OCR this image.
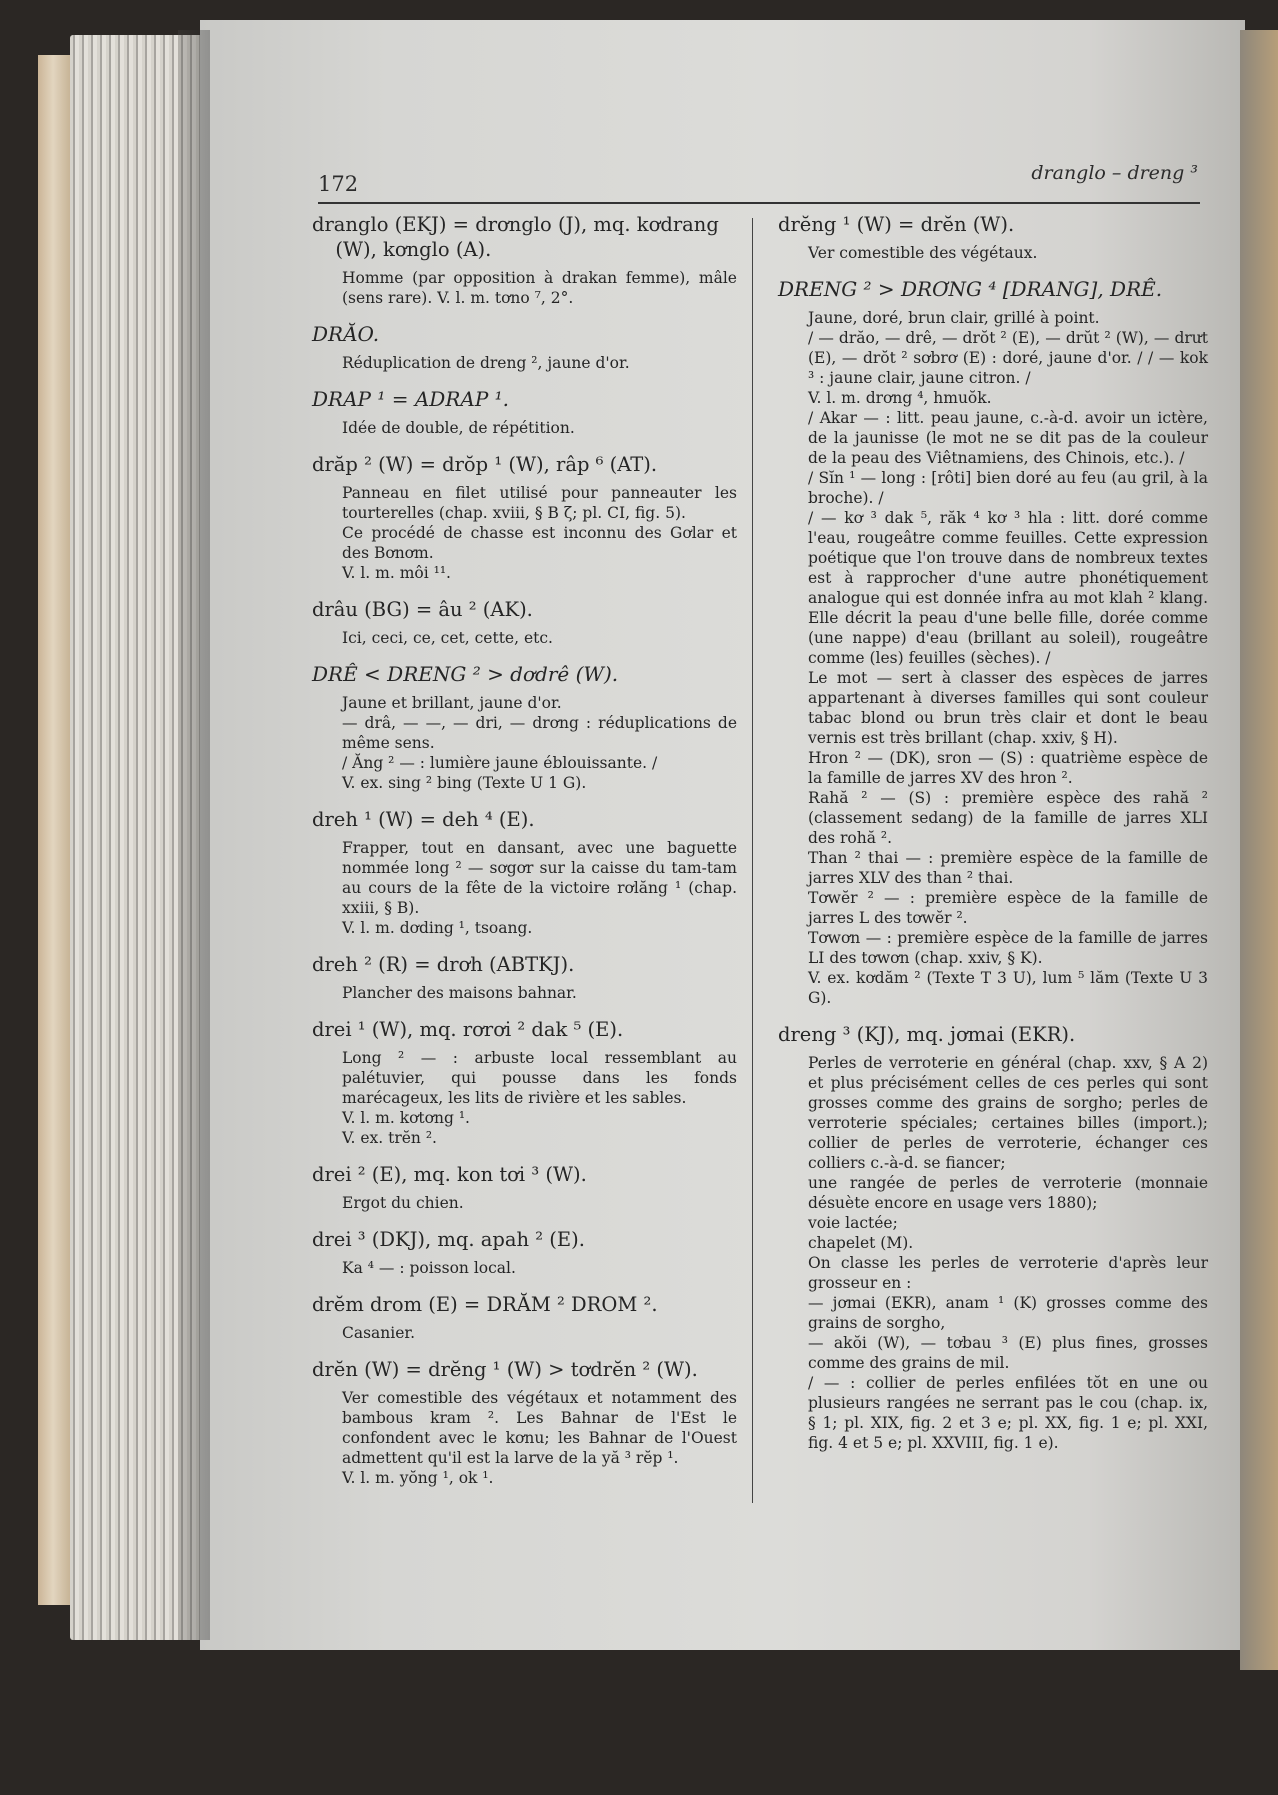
172	dranglo – dreng ³
dranglo (EKJ) = drơnglo (J), mq. kơdrang (W), kơnglo (A).
Homme (par opposition à drakan femme), mâle (sens rare). V. l. m. tơno ⁷, 2°.
DRĂO.
Réduplication de dreng ², jaune d'or.
DRAP ¹ = ADRAP ¹.
Idée de double, de répétition.
drăp ² (W) = drŏp ¹ (W), râp ⁶ (AT).
Panneau en filet utilisé pour panneauter les tourterelles (chap. xviii, § B ζ; pl. CI, fig. 5).
Ce procédé de chasse est inconnu des Gơlar et des Bơnơm.
V. l. m. môi ¹¹.
drâu (BG) = âu ² (AK).
Ici, ceci, ce, cet, cette, etc.
DRÊ < DRENG ² > dơdrê (W).
Jaune et brillant, jaune d'or.
— drâ, — —, — dri, — drơng : réduplications de même sens.
/ Ăng ² — : lumière jaune éblouissante. /
V. ex. sing ² bing (Texte U 1 G).
dreh ¹ (W) = deh ⁴ (E).
Frapper, tout en dansant, avec une baguette nommée long ² — sơgơr sur la caisse du tam-tam au cours de la fête de la victoire rơlăng ¹ (chap. xxiii, § B).
V. l. m. dơding ¹, tsoang.
dreh ² (R) = drơh (ABTKJ).
Plancher des maisons bahnar.
drei ¹ (W), mq. rơrơi ² dak ⁵ (E).
Long ² — : arbuste local ressemblant au palétuvier, qui pousse dans les fonds marécageux, les lits de rivière et les sables.
V. l. m. kơtơng ¹.
V. ex. trĕn ².
drei ² (E), mq. kon tơi ³ (W).
Ergot du chien.
drei ³ (DKJ), mq. apah ² (E).
Ka ⁴ — : poisson local.
drĕm drom (E) = DRĂM ² DROM ².
Casanier.
drĕn (W) = drĕng ¹ (W) > tơdrĕn ² (W).
Ver comestible des végétaux et notamment des bambous kram ². Les Bahnar de l'Est le confondent avec le kơnu; les Bahnar de l'Ouest admettent qu'il est la larve de la yă ³ rĕp ¹.
V. l. m. yŏng ¹, ok ¹.
drĕng ¹ (W) = drĕn (W).
Ver comestible des végétaux.
DRENG ² > DRƠNG ⁴ [DRANG], DRÊ.
Jaune, doré, brun clair, grillé à point.
/ — drăo, — drê, — drŏt ² (E), — drŭt ² (W), — drưt (E), — drŏt ² sơbrơ (E) : doré, jaune d'or. / / — kok ³ : jaune clair, jaune citron. /
V. l. m. drơng ⁴, hmuŏk.
/ Akar — : litt. peau jaune, c.-à-d. avoir un ictère, de la jaunisse (le mot ne se dit pas de la couleur de la peau des Viêtnamiens, des Chinois, etc.). /
/ Sĭn ¹ — long : [rôti] bien doré au feu (au gril, à la broche). /
/ — kơ ³ dak ⁵, răk ⁴ kơ ³ hla : litt. doré comme l'eau, rougeâtre comme feuilles. Cette expression poétique que l'on trouve dans de nombreux textes est à rapprocher d'une autre phonétiquement analogue qui est donnée infra au mot klah ² klang. Elle décrit la peau d'une belle fille, dorée comme (une nappe) d'eau (brillant au soleil), rougeâtre comme (les) feuilles (sèches). /
Le mot — sert à classer des espèces de jarres appartenant à diverses familles qui sont couleur tabac blond ou brun très clair et dont le beau vernis est très brillant (chap. xxiv, § H).
Hron ² — (DK), sron — (S) : quatrième espèce de la famille de jarres XV des hron ².
Rahă ² — (S) : première espèce des rahă ² (classement sedang) de la famille de jarres XLI des rohă ².
Than ² thai — : première espèce de la famille de jarres XLV des than ² thai.
Tơwĕr ² — : première espèce de la famille de jarres L des tơwĕr ².
Tơwơn — : première espèce de la famille de jarres LI des tơwơn (chap. xxiv, § K).
V. ex. kơdăm ² (Texte T 3 U), lum ⁵ lăm (Texte U 3 G).
dreng ³ (KJ), mq. jơmai (EKR).
Perles de verroterie en général (chap. xxv, § A 2) et plus précisément celles de ces perles qui sont grosses comme des grains de sorgho; perles de verroterie spéciales; certaines billes (import.); collier de perles de verroterie, échanger ces colliers c.-à-d. se fiancer;
une rangée de perles de verroterie (monnaie désuète encore en usage vers 1880);
voie lactée;
chapelet (M).
On classe les perles de verroterie d'après leur grosseur en :
— jơmai (EKR), anam ¹ (K) grosses comme des grains de sorgho,
— akŏi (W), — tơbau ³ (E) plus fines, grosses comme des grains de mil.
/ — : collier de perles enfilées tŏt en une ou plusieurs rangées ne serrant pas le cou (chap. ix, § 1; pl. XIX, fig. 2 et 3 e; pl. XX, fig. 1 e; pl. XXI, fig. 4 et 5 e; pl. XXVIII, fig. 1 e).
